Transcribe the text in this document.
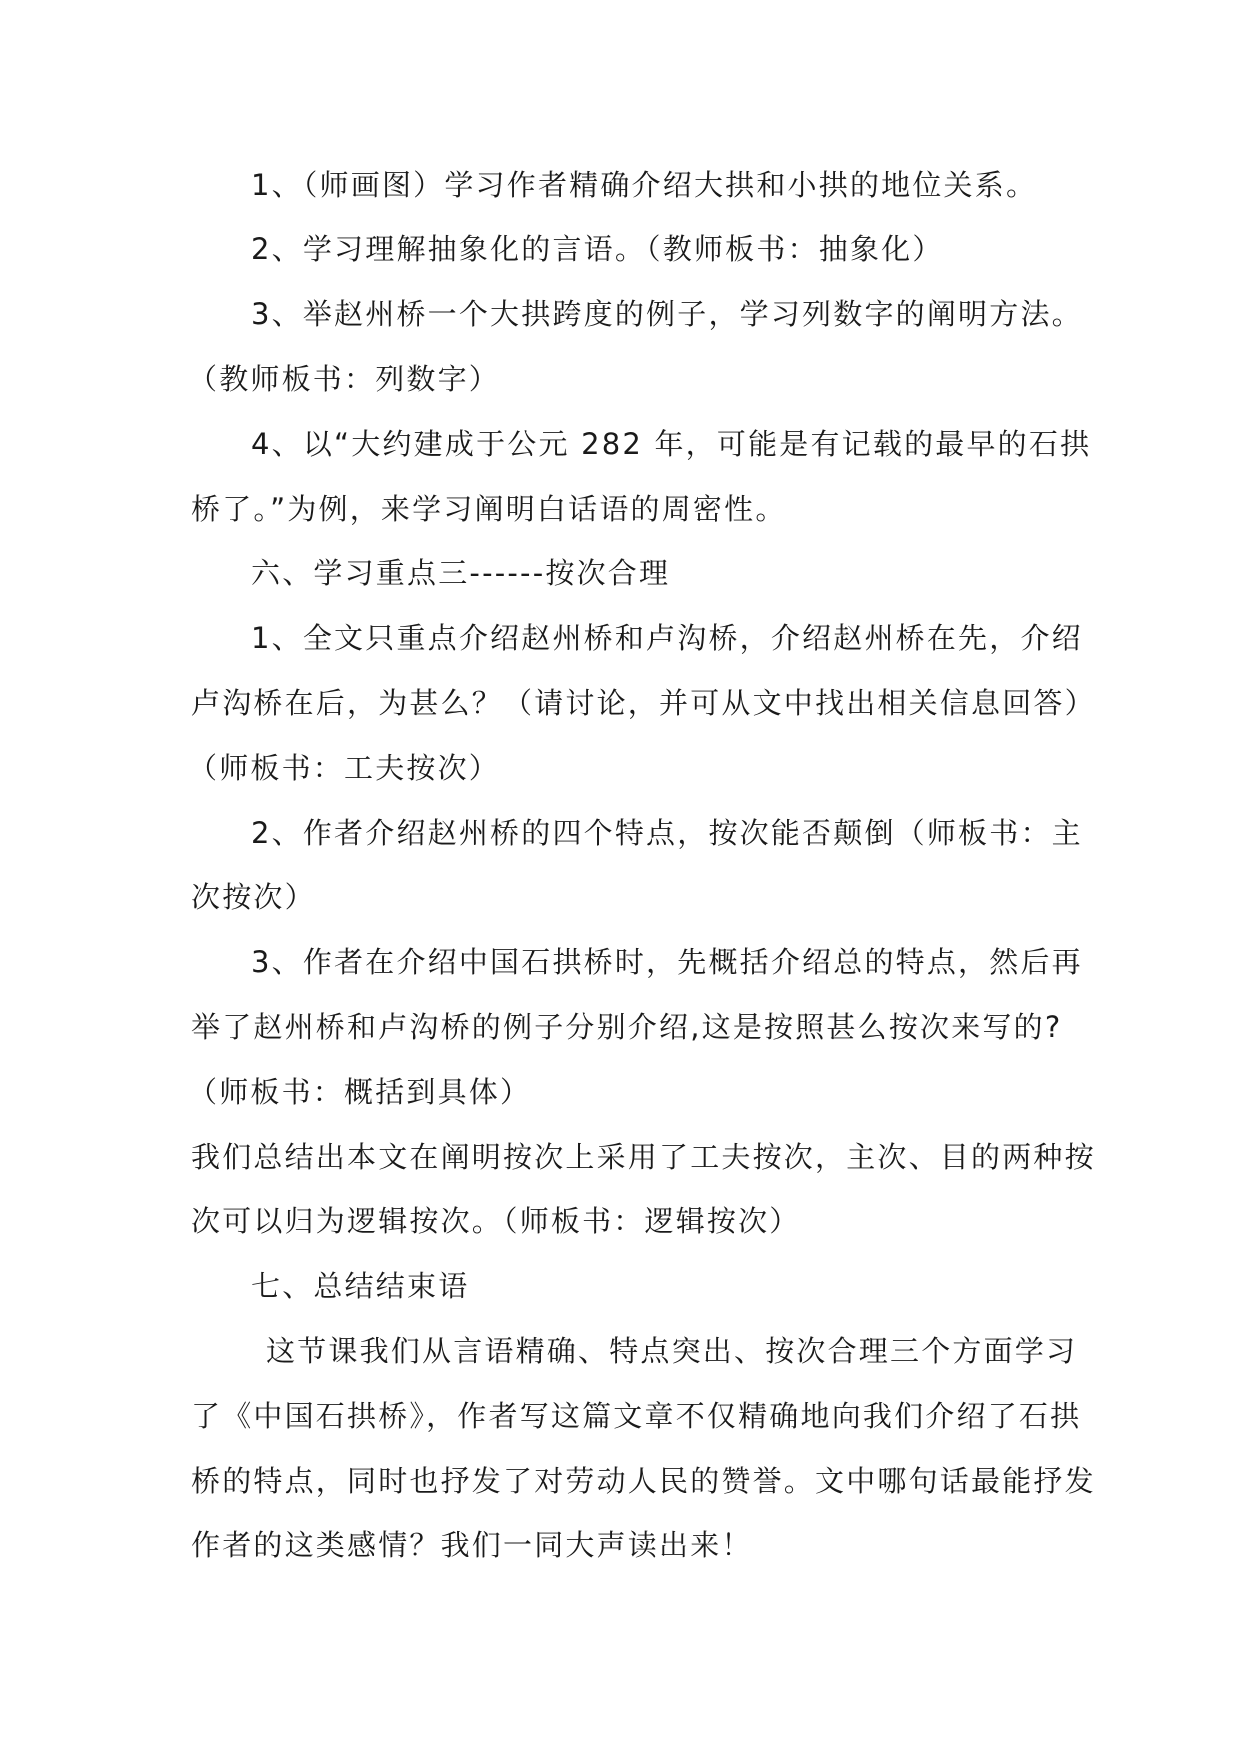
1、（师画图）学习作者精确介绍大拱和小拱的地位关系。
2、学习理解抽象化的言语。（教师板书：抽象化）
3、举赵州桥一个大拱跨度的例子，学习列数字的阐明方法。
（教师板书：列数字）
4、以“大约建成于公元 282 年，可能是有记载的最早的石拱
桥了。”为例，来学习阐明白话语的周密性。
六、学习重点三------按次合理
1、全文只重点介绍赵州桥和卢沟桥，介绍赵州桥在先，介绍
卢沟桥在后，为甚么？（请讨论，并可从文中找出相关信息回答）
（师板书：工夫按次）
2、作者介绍赵州桥的四个特点，按次能否颠倒（师板书：主
次按次）
3、作者在介绍中国石拱桥时，先概括介绍总的特点，然后再
举了赵州桥和卢沟桥的例子分别介绍,这是按照甚么按次来写的?
（师板书：概括到具体）
我们总结出本文在阐明按次上采用了工夫按次，主次、目的两种按
次可以归为逻辑按次。（师板书：逻辑按次）
七、总结结束语
这节课我们从言语精确、特点突出、按次合理三个方面学习
了《中国石拱桥》，作者写这篇文章不仅精确地向我们介绍了石拱
桥的特点，同时也抒发了对劳动人民的赞誉。文中哪句话最能抒发
作者的这类感情？我们一同大声读出来！
